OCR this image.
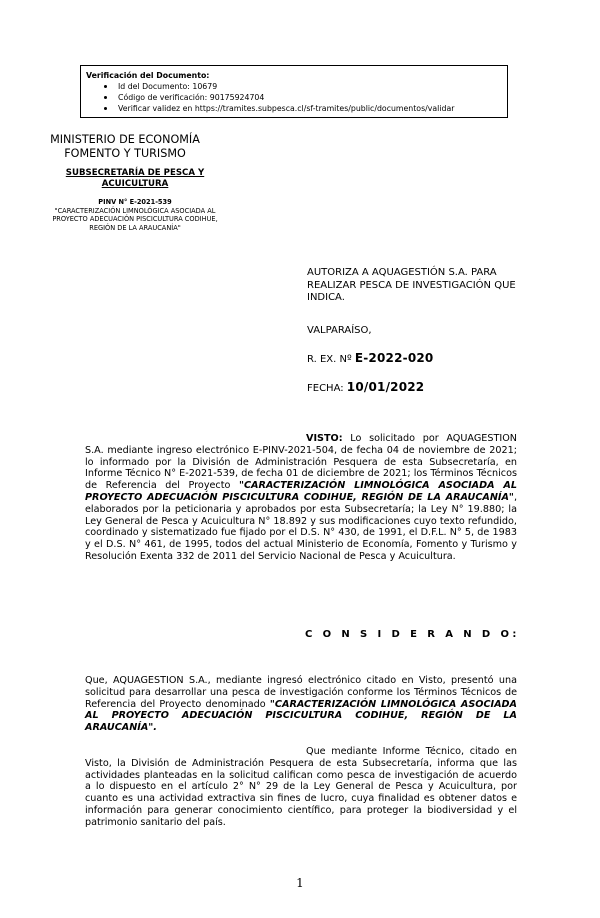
Verificación del Documento:
Id del Documento: 10679
Código de verificación: 90175924704
Verificar validez en https://tramites.subpesca.cl/sf-tramites/public/documentos/validar
MINISTERIO DE ECONOMÍA
FOMENTO Y TURISMO
SUBSECRETARÍA DE PESCA Y ACUICULTURA
PINV N° E-2021-539
"CARACTERIZACIÓN LIMNOLÓGICA ASOCIADA AL PROYECTO ADECUACIÓN PISCICULTURA CODIHUE, REGIÓN DE LA ARAUCANÍA"
AUTORIZA A AQUAGESTIÓN S.A. PARA REALIZAR PESCA DE INVESTIGACIÓN QUE INDICA.
VALPARAÍSO,
R. EX. Nº E-2022-020
FECHA: 10/01/2022
VISTO: Lo solicitado por AQUAGESTION S.A. mediante ingreso electrónico E-PINV-2021-504, de fecha 04 de noviembre de 2021; lo informado por la División de Administración Pesquera de esta Subsecretaría, en Informe Técnico N° E-2021-539, de fecha 01 de diciembre de 2021; los Términos Técnicos de Referencia del Proyecto "CARACTERIZACIÓN LIMNOLÓGICA ASOCIADA AL PROYECTO ADECUACIÓN PISCICULTURA CODIHUE, REGIÓN DE LA ARAUCANÍA", elaborados por la peticionaria y aprobados por esta Subsecretaría; la Ley N° 19.880; la Ley General de Pesca y Acuicultura N° 18.892 y sus modificaciones cuyo texto refundido, coordinado y sistematizado fue fijado por el D.S. N° 430, de 1991, el D.F.L. N° 5, de 1983 y el D.S. N° 461, de 1995, todos del actual Ministerio de Economía, Fomento y Turismo y Resolución Exenta 332 de 2011 del Servicio Nacional de Pesca y Acuicultura.
C O N S I D E R A N D O:
Que, AQUAGESTION S.A., mediante ingresó electrónico citado en Visto, presentó una solicitud para desarrollar una pesca de investigación conforme los Términos Técnicos de Referencia del Proyecto denominado "CARACTERIZACIÓN LIMNOLÓGICA ASOCIADA AL PROYECTO ADECUACIÓN PISCICULTURA CODIHUE, REGIÓN DE LA ARAUCANÍA".
Que mediante Informe Técnico, citado en Visto, la División de Administración Pesquera de esta Subsecretaría, informa que las actividades planteadas en la solicitud califican como pesca de investigación de acuerdo a lo dispuesto en el artículo 2° N° 29 de la Ley General de Pesca y Acuicultura, por cuanto es una actividad extractiva sin fines de lucro, cuya finalidad es obtener datos e información para generar conocimiento científico, para proteger la biodiversidad y el patrimonio sanitario del país.
1
